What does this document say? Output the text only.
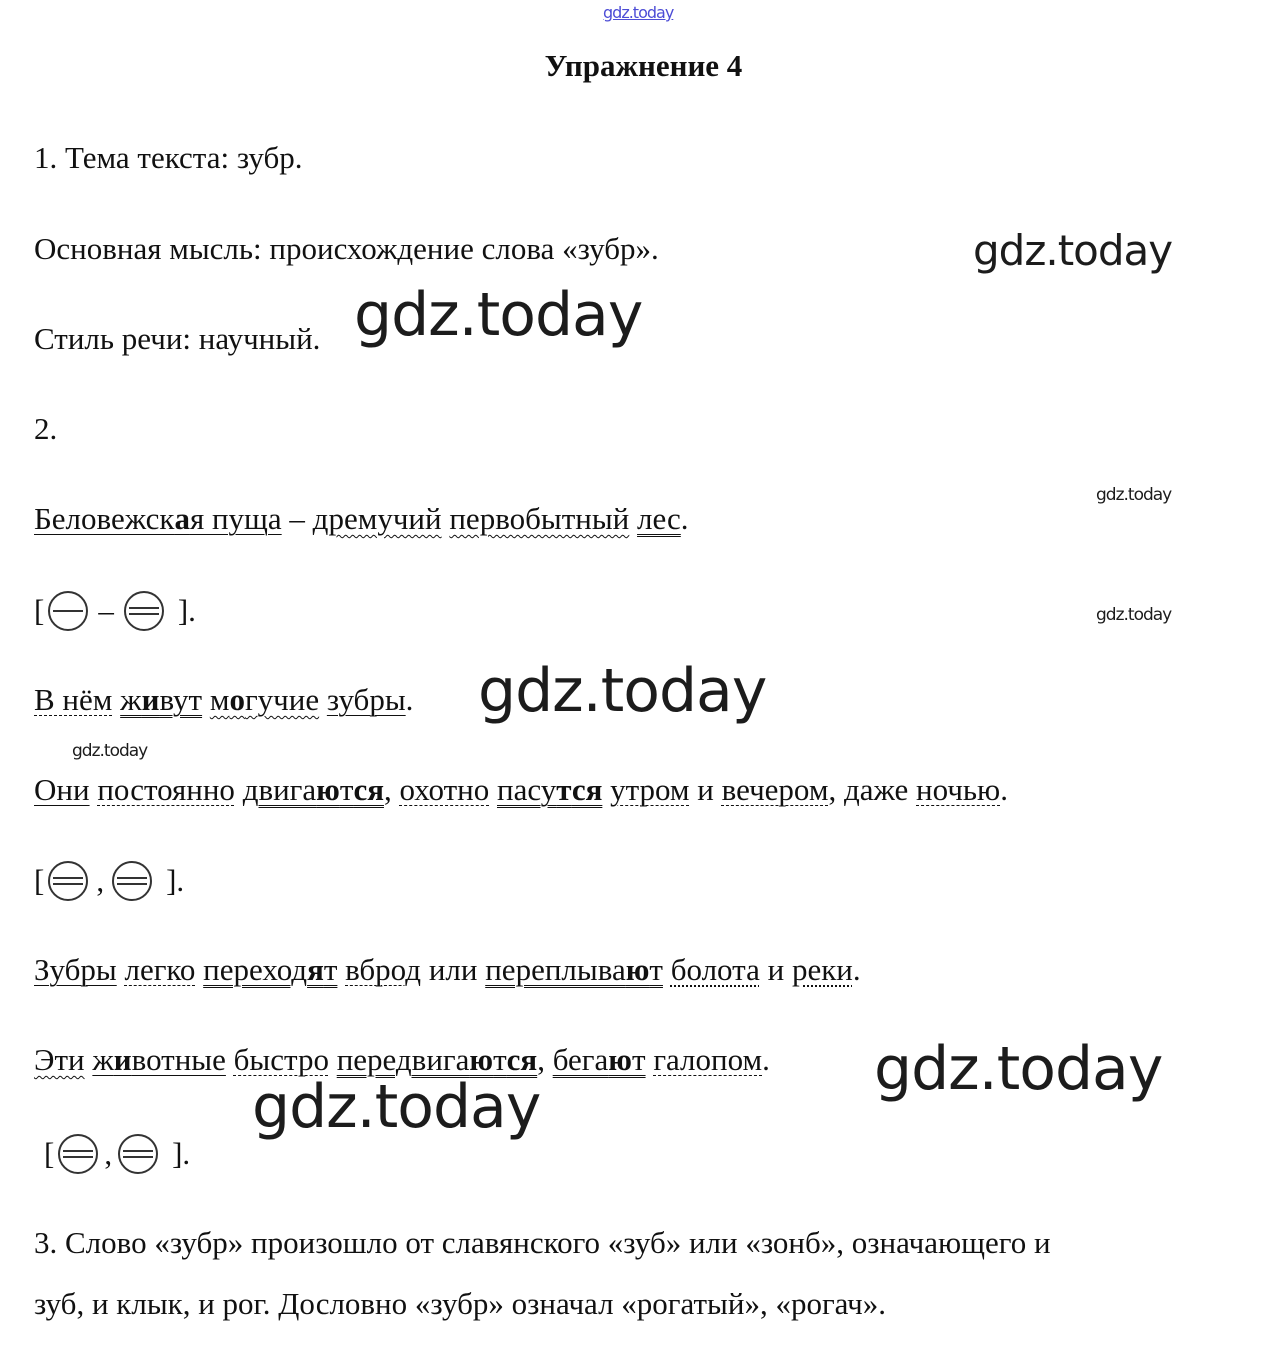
gdz.today
gdz.today
gdz.today
gdz.today
gdz.today
gdz.today
gdz.today
gdz.today
gdz.today
Упражнение 4
1. Тема текста: зубр.
Основная мысль: происхождение слова «зубр».
Стиль речи: научный.
2.
Беловежская пуща – дремучий первобытный лес.
[ – ].
В нём живут могучие зубры.
Они постоянно двигаются, охотно пасутся утром и вечером, даже ночью.
[ , ].
Зубры легко переходят вброд или переплывают болота и реки.
Эти животные быстро передвигаются, бегают галопом.
[ , ].
3. Слово «зубр» произошло от славянского «зуб» или «зонб», означающего и
зуб, и клык, и рог. Дословно «зубр» означал «рогатый», «рогач».
